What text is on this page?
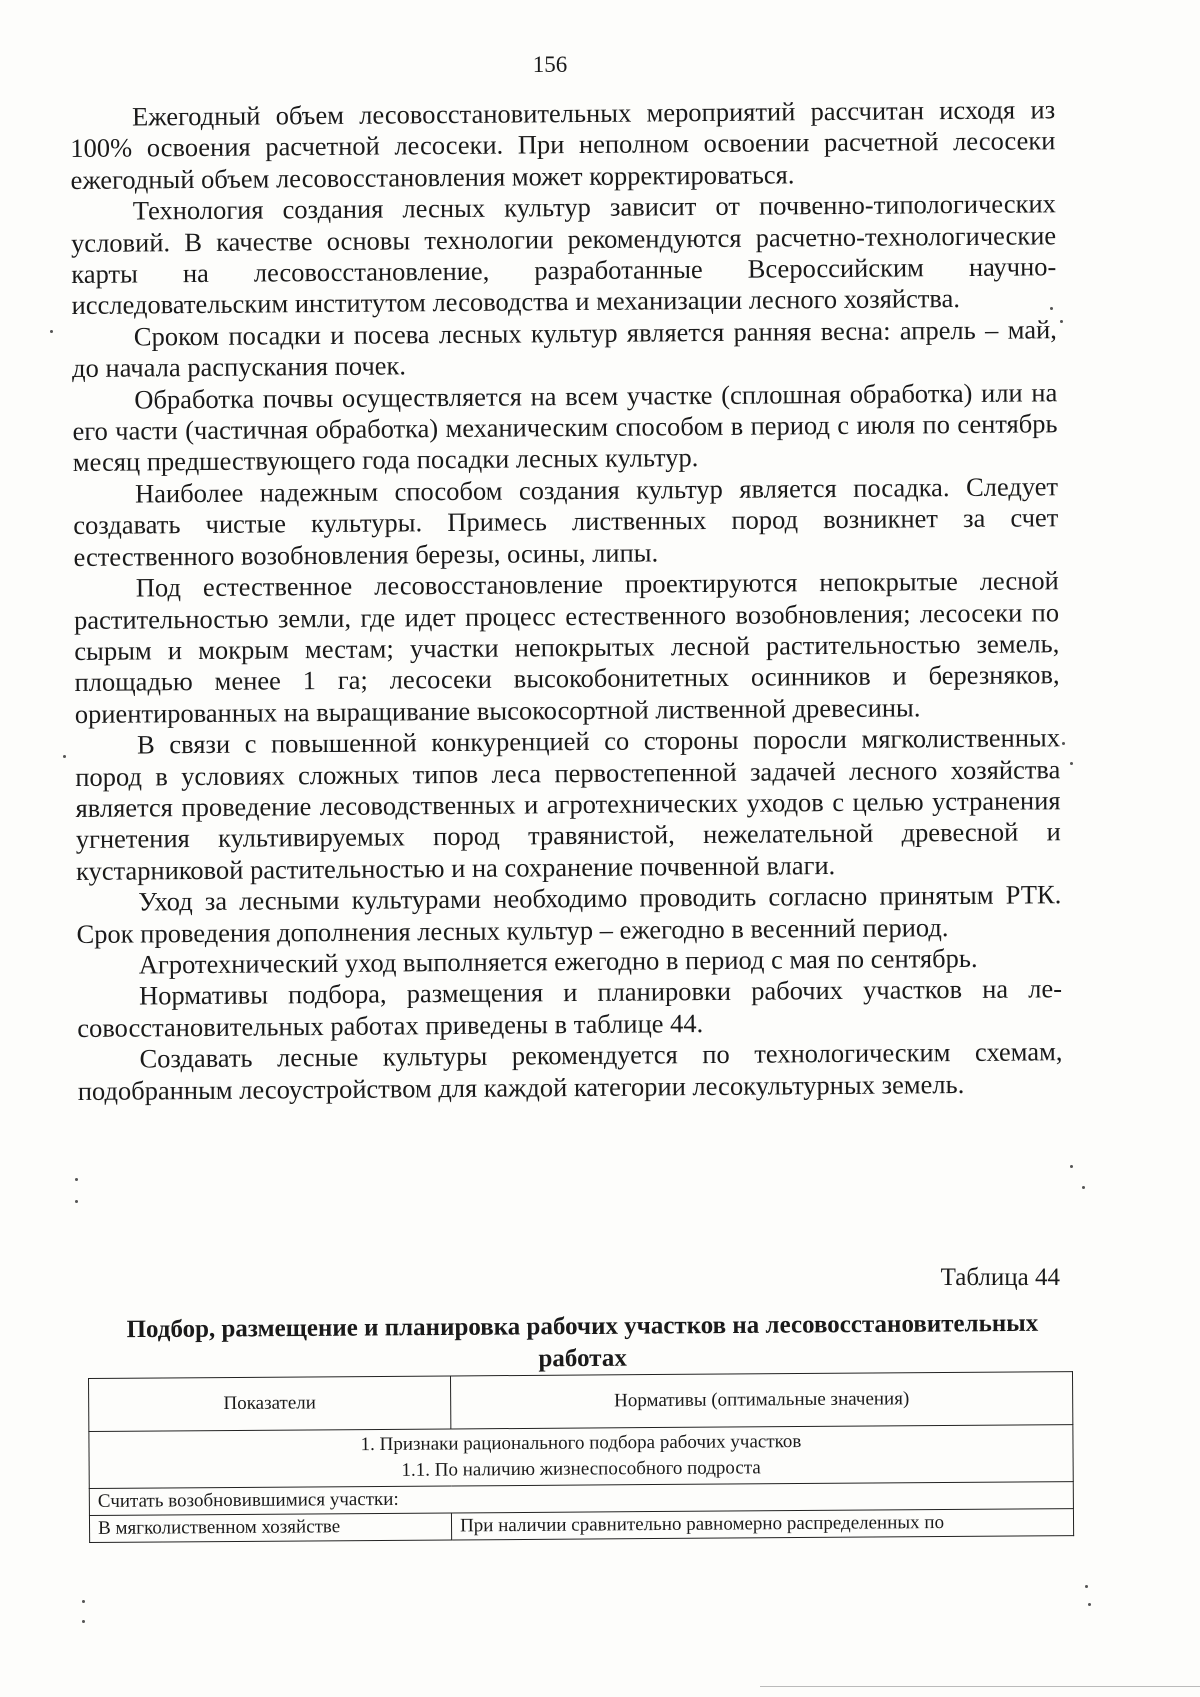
156

Ежегодный объем лесовосстановительных мероприятий рассчитан исходя из 100% освоения расчетной лесосеки. При неполном освоении расчетной лесосеки ежегодный объем лесовосстановления может корректироваться.

Технология создания лесных культур зависит от почвенно-типологических условий. В качестве основы технологии рекомендуются расчетно-технологические карты на лесовосстановление, разработанные Всероссийским научно-исследовательским институтом лесоводства и механизации лесного хозяйства.

Сроком посадки и посева лесных культур является ранняя весна: апрель – май, до начала распускания почек.

Обработка почвы осуществляется на всем участке (сплошная обработка) или на его части (частичная обработка) механическим способом в период с июля по сентябрь месяц предшествующего года посадки лесных культур.

Наиболее надежным способом создания культур является посадка. Следует создавать чистые культуры. Примесь лиственных пород возникнет за счет естественного возобновления березы, осины, липы.

Под естественное лесовосстановление проектируются непокрытые лесной растительностью земли, где идет процесс естественного возобновления; лесосеки по сырым и мокрым местам; участки непокрытых лесной растительностью земель, площадью менее 1 га; лесосеки высокобонитетных осинников и березняков, ориентированных на выращивание высокосортной лиственной древесины.

В связи с повышенной конкуренцией со стороны поросли мягколиственных пород в условиях сложных типов леса первостепенной задачей лесного хозяйства является проведение лесоводственных и агротехнических уходов с целью устранения угнетения культивируемых пород травянистой, нежелательной древесной и кустарниковой растительностью и на сохранение почвенной влаги.

Уход за лесными культурами необходимо проводить согласно принятым РТК. Срок проведения дополнения лесных культур – ежегодно в весенний период.

Агротехнический уход выполняется ежегодно в период с мая по сентябрь.

Нормативы подбора, размещения и планировки рабочих участков на лесовосстановительных работах приведены в таблице 44.

Создавать лесные культуры рекомендуется по технологическим схемам, подобранным лесоустройством для каждой категории лесокультурных земель.

Таблица 44
Подбор, размещение и планировка рабочих участков на лесовосстановительных работах
Показатели	Нормативы (оптимальные значения)

1. Признаки рационального подбора рабочих участков
1.1. По наличию жизнеспособного подроста	

Считать возобновившимися участки:	
В мягколиственном хозяйстве	При наличии сравнительно равномерно распределенных по
